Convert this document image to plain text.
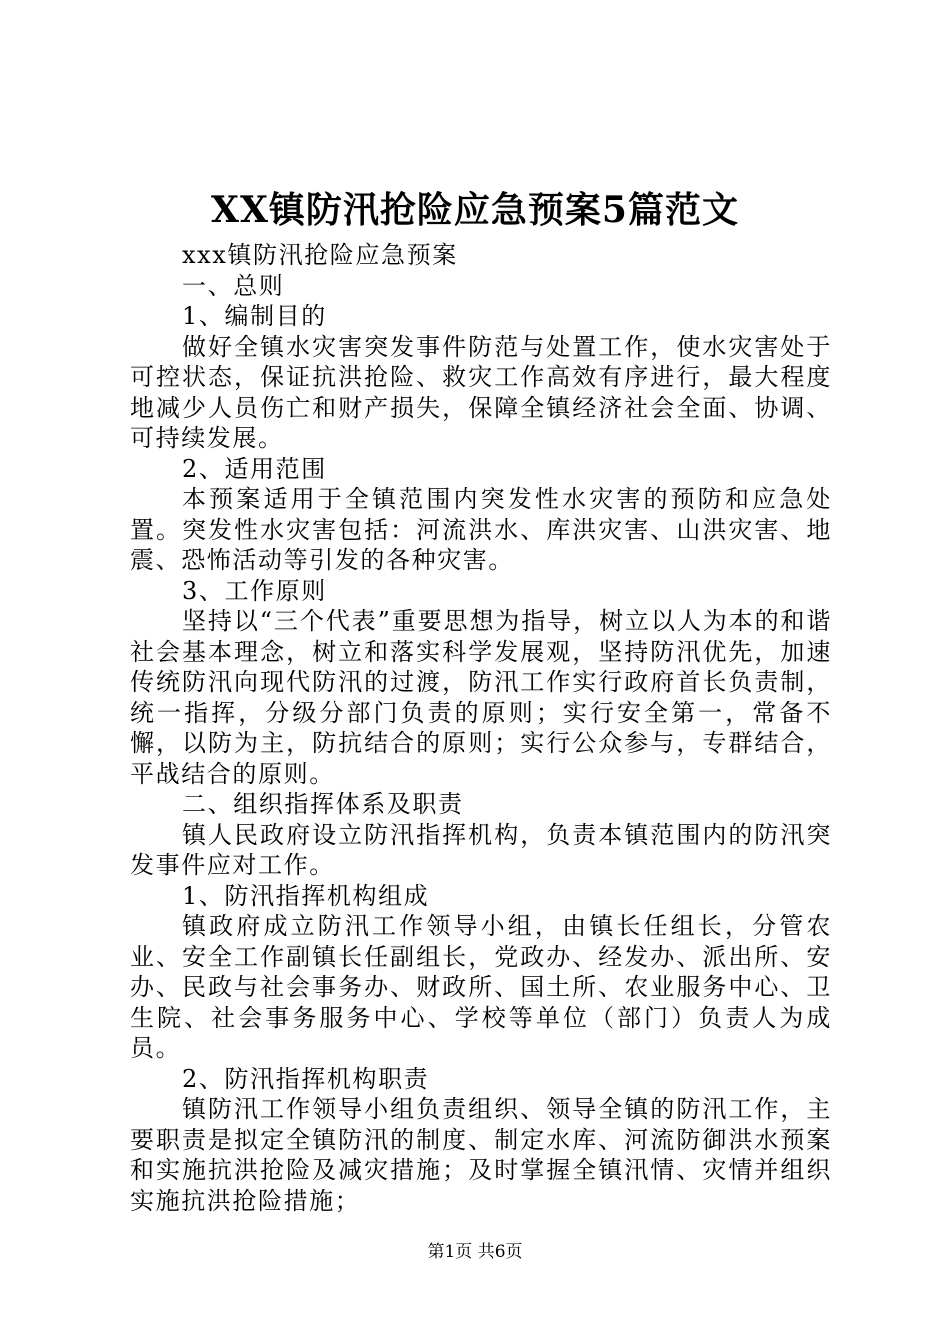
XX镇防汛抢险应急预案5篇范文

xxx镇防汛抢险应急预案

一、总则

1、编制目的

做好全镇水灾害突发事件防范与处置工作，使水灾害处于可控状态，保证抗洪抢险、救灾工作高效有序进行，最大程度地减少人员伤亡和财产损失，保障全镇经济社会全面、协调、可持续发展。

2、适用范围

本预案适用于全镇范围内突发性水灾害的预防和应急处置。突发性水灾害包括：河流洪水、库洪灾害、山洪灾害、地震、恐怖活动等引发的各种灾害。

3、工作原则

坚持以“三个代表”重要思想为指导，树立以人为本的和谐社会基本理念，树立和落实科学发展观，坚持防汛优先，加速传统防汛向现代防汛的过渡，防汛工作实行政府首长负责制，统一指挥，分级分部门负责的原则；实行安全第一，常备不懈，以防为主，防抗结合的原则；实行公众参与，专群结合，平战结合的原则。

二、组织指挥体系及职责

镇人民政府设立防汛指挥机构，负责本镇范围内的防汛突发事件应对工作。

1、防汛指挥机构组成

镇政府成立防汛工作领导小组，由镇长任组长，分管农业、安全工作副镇长任副组长，党政办、经发办、派出所、安办、民政与社会事务办、财政所、国土所、农业服务中心、卫生院、社会事务服务中心、学校等单位（部门）负责人为成员。

2、防汛指挥机构职责

镇防汛工作领导小组负责组织、领导全镇的防汛工作，主要职责是拟定全镇防汛的制度、制定水库、河流防御洪水预案和实施抗洪抢险及减灾措施；及时掌握全镇汛情、灾情并组织实施抗洪抢险措施；

第1页 共6页
